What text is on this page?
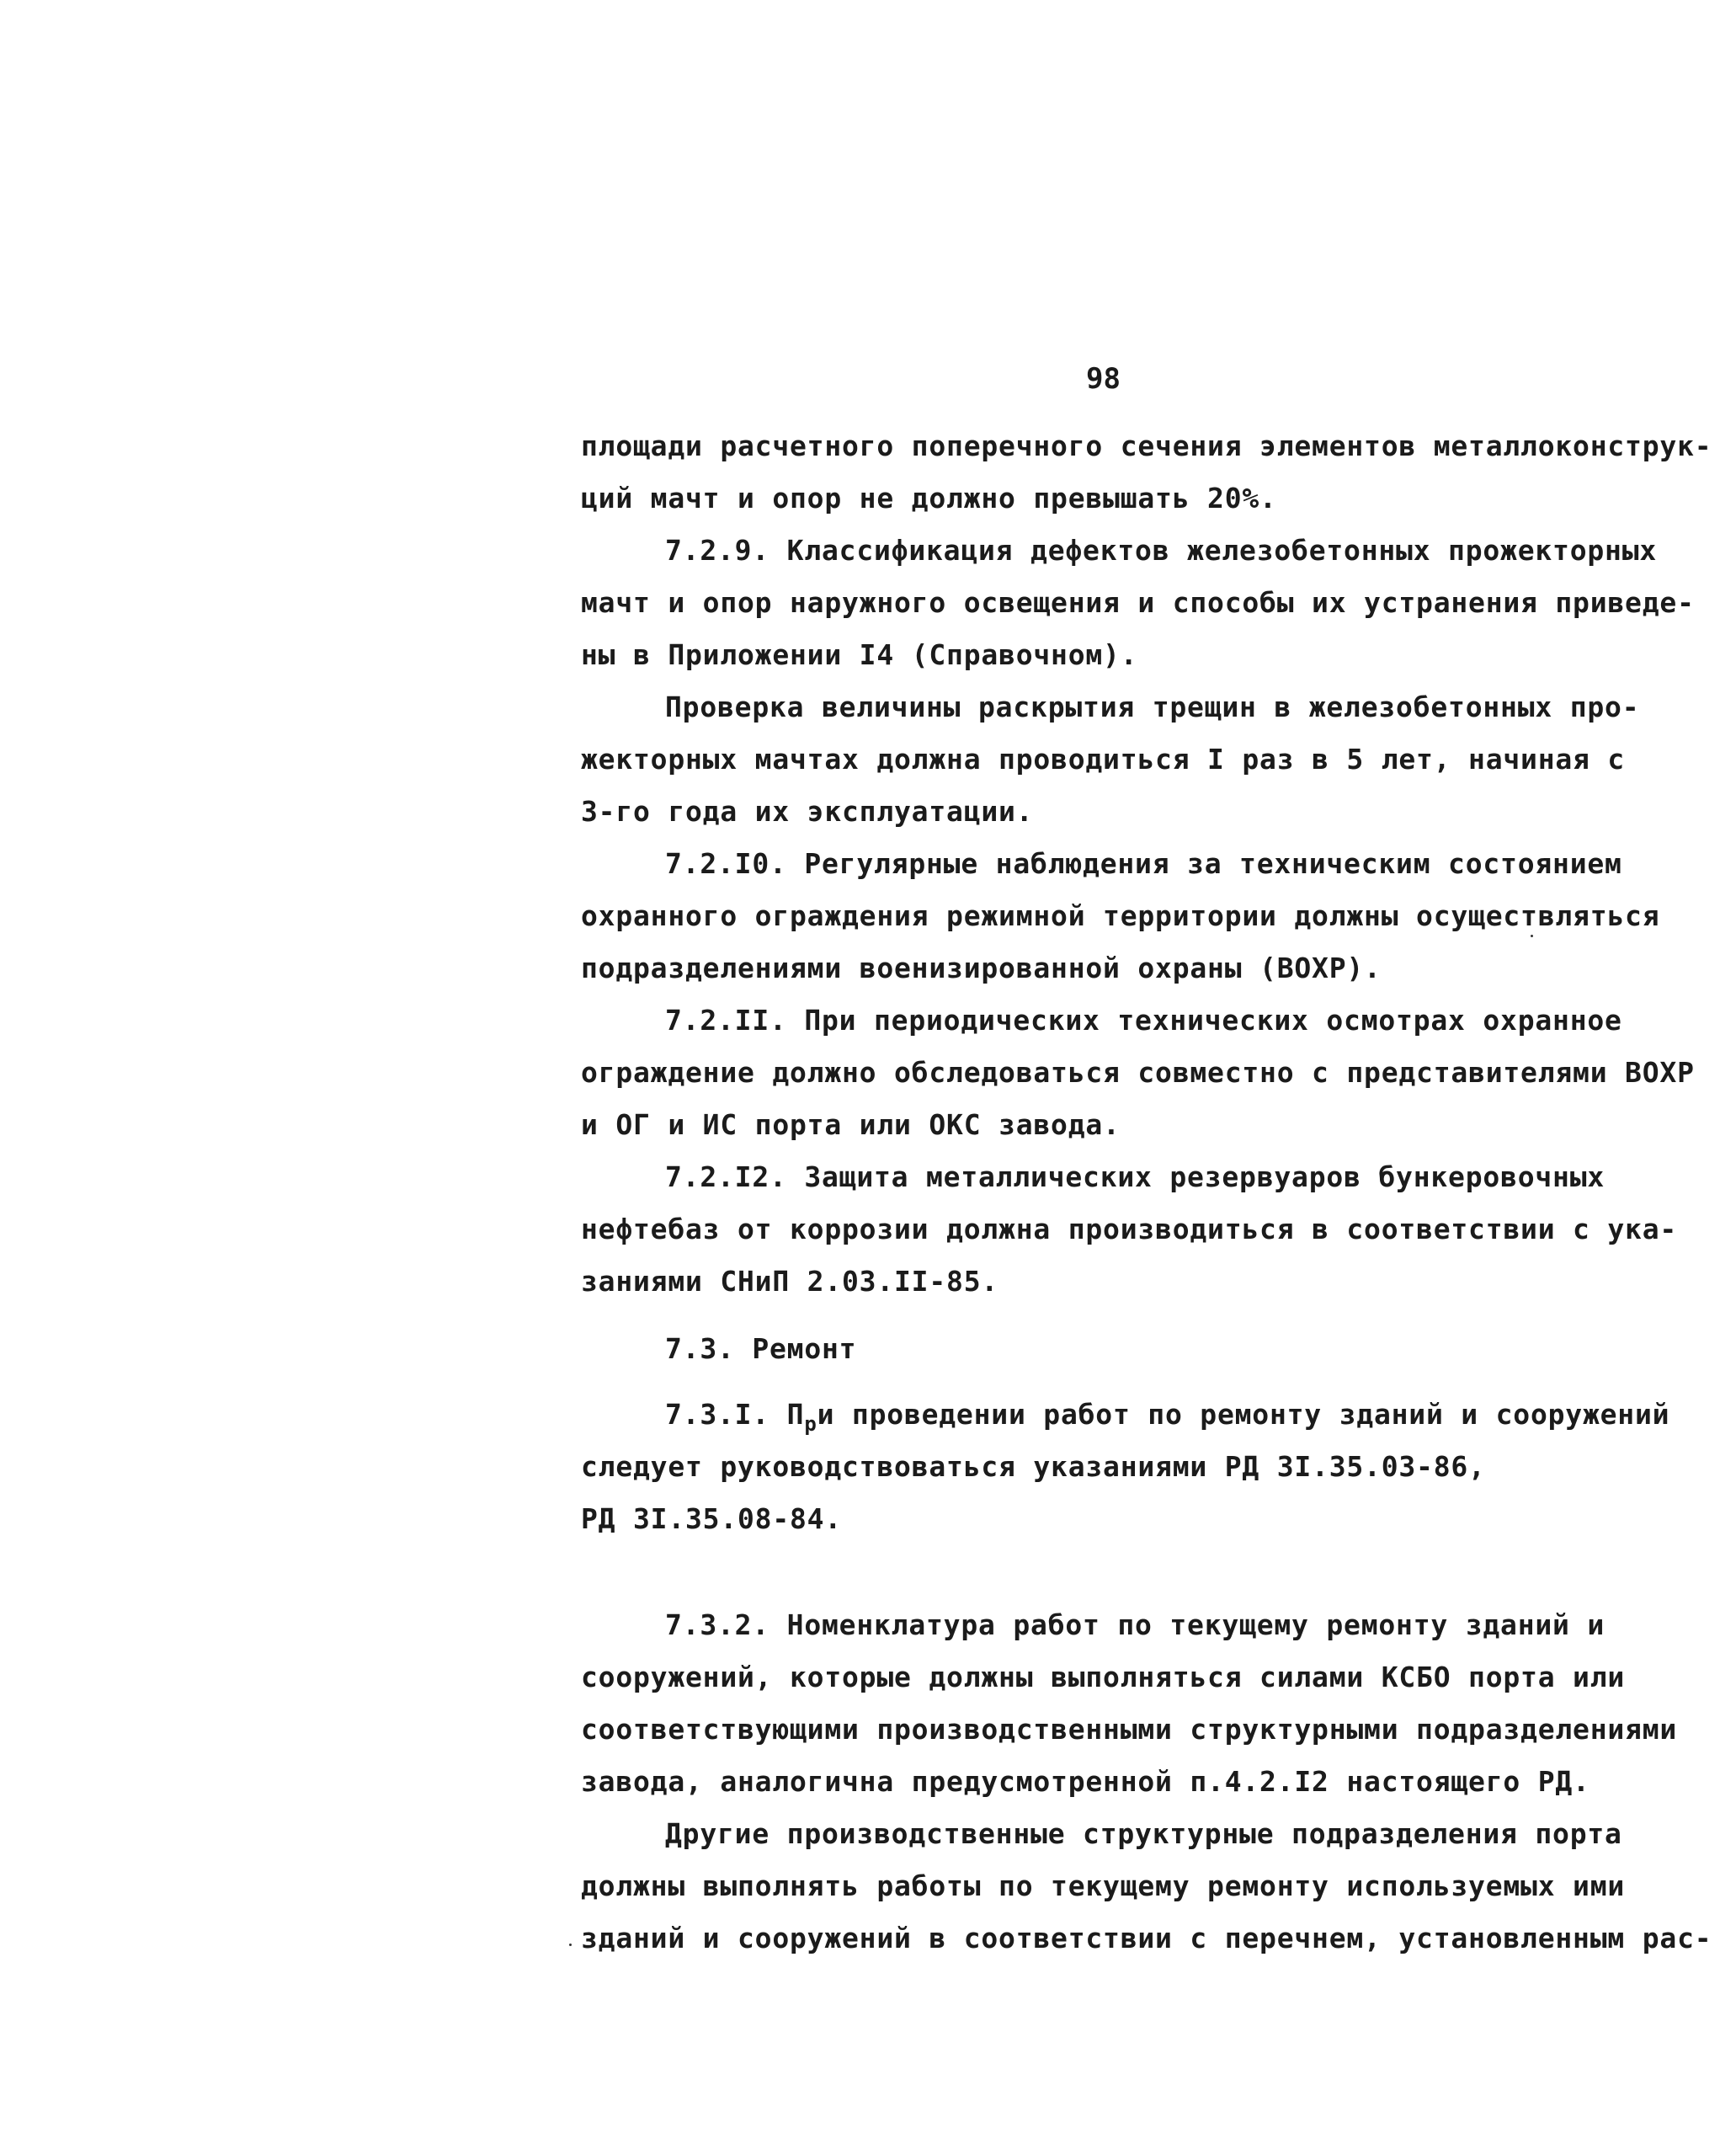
98
площади расчетного поперечного сечения элементов металлоконструк-
ций мачт и опор не должно превышать 20%.
7.2.9. Классификация дефектов железобетонных прожекторных
мачт и опор наружного освещения и способы их устранения приведе-
ны в Приложении I4 (Справочном).
Проверка величины раскрытия трещин в железобетонных про-
жекторных мачтах должна проводиться I раз в 5 лет, начиная с
3-го года их эксплуатации.
7.2.I0. Регулярные наблюдения за техническим состоянием
охранного ограждения режимной территории должны осуществляться
подразделениями военизированной охраны (ВОХР).
7.2.II. При периодических технических осмотрах охранное
ограждение должно обследоваться совместно с представителями ВОХР
и ОГ и ИС порта или ОКС завода.
7.2.I2. Защита металлических резервуаров бункеровочных
нефтебаз от коррозии должна производиться в соответствии с ука-
заниями СНиП 2.03.II-85.
7.3. Ремонт
7.3.I. $П_ри$ проведении работ по ремонту зданий и сооружений
следует руководствоваться указаниями РД 3I.35.03-86,
РД 3I.35.08-84.
7.3.2. Номенклатура работ по текущему ремонту зданий и
сооружений, которые должны выполняться силами КСБО порта или
соответствующими производственными структурными подразделениями
завода, аналогична предусмотренной п.4.2.I2 настоящего РД.
Другие производственные структурные подразделения порта
должны выполнять работы по текущему ремонту используемых ими
зданий и сооружений в соответствии с перечнем, установленным рас-
